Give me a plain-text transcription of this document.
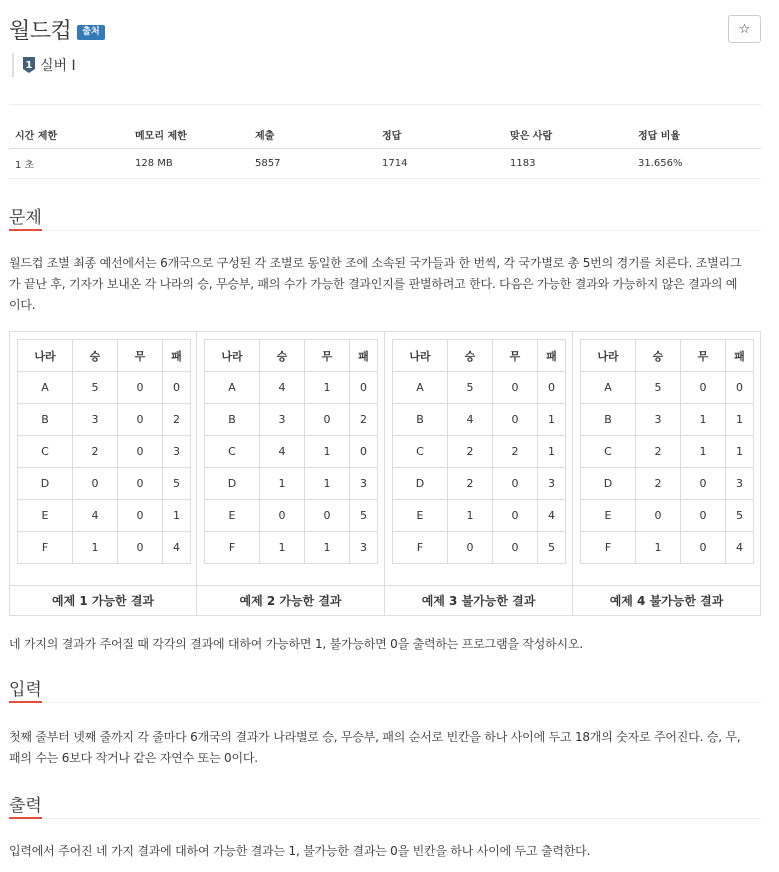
월드컵	출처	☆
1 실버 I
시간 제한	메모리 제한	제출	정답	맞은 사람	정답 비율
1 초	128 MB	5857	1714	1183	31.656%
문제
월드컵 조별 최종 예선에서는 6개국으로 구성된 각 조별로 동일한 조에 소속된 국가들과 한 번씩, 각 국가별로 총 5번의 경기를 치른다. 조별리그
가 끝난 후, 기자가 보내온 각 나라의 승, 무승부, 패의 수가 가능한 결과인지를 판별하려고 한다. 다음은 가능한 결과와 가능하지 않은 결과의 예
이다.
나라	승	무	패
A	5	0	0
B	3	0	2
C	2	0	3
D	0	0	5
E	4	0	1
F	1	0	4
예제 1 가능한 결과
나라	승	무	패
A	4	1	0
B	3	0	2
C	4	1	0
D	1	1	3
E	0	0	5
F	1	1	3
예제 2 가능한 결과
나라	승	무	패
A	5	0	0
B	4	0	1
C	2	2	1
D	2	0	3
E	1	0	4
F	0	0	5
예제 3 불가능한 결과
나라	승	무	패
A	5	0	0
B	3	1	1
C	2	1	1
D	2	0	3
E	0	0	5
F	1	0	4
예제 4 불가능한 결과
네 가지의 결과가 주어질 때 각각의 결과에 대하여 가능하면 1, 불가능하면 0을 출력하는 프로그램을 작성하시오.
입력
첫째 줄부터 넷째 줄까지 각 줄마다 6개국의 결과가 나라별로 승, 무승부, 패의 순서로 빈칸을 하나 사이에 두고 18개의 숫자로 주어진다. 승, 무,
패의 수는 6보다 작거나 같은 자연수 또는 0이다.
출력
입력에서 주어진 네 가지 결과에 대하여 가능한 결과는 1, 불가능한 결과는 0을 빈칸을 하나 사이에 두고 출력한다.
